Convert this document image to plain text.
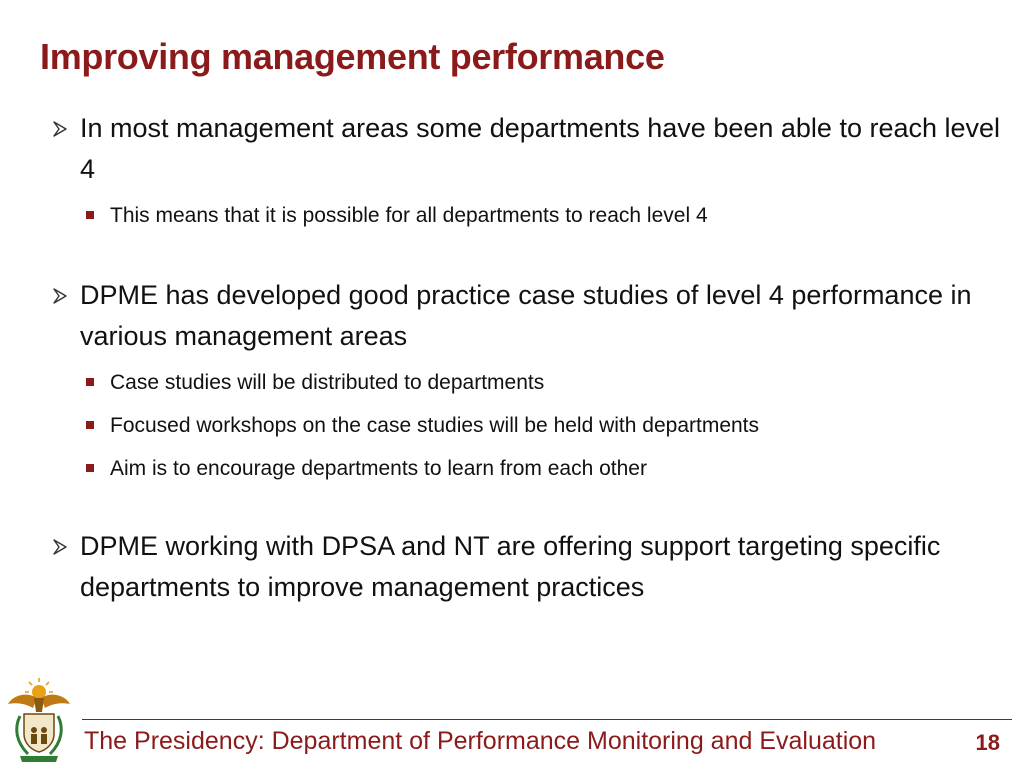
Improving management performance
In most management areas some departments have been able to reach level 4
This means that it is possible for all departments to reach level 4
DPME has developed good practice case studies of level 4 performance in various management areas
Case studies will be distributed to departments
Focused workshops on the case studies will be held with departments
Aim is to encourage departments to learn from each other
DPME working with DPSA and NT are offering support targeting specific departments to improve management practices
The Presidency: Department of Performance Monitoring and Evaluation	18
